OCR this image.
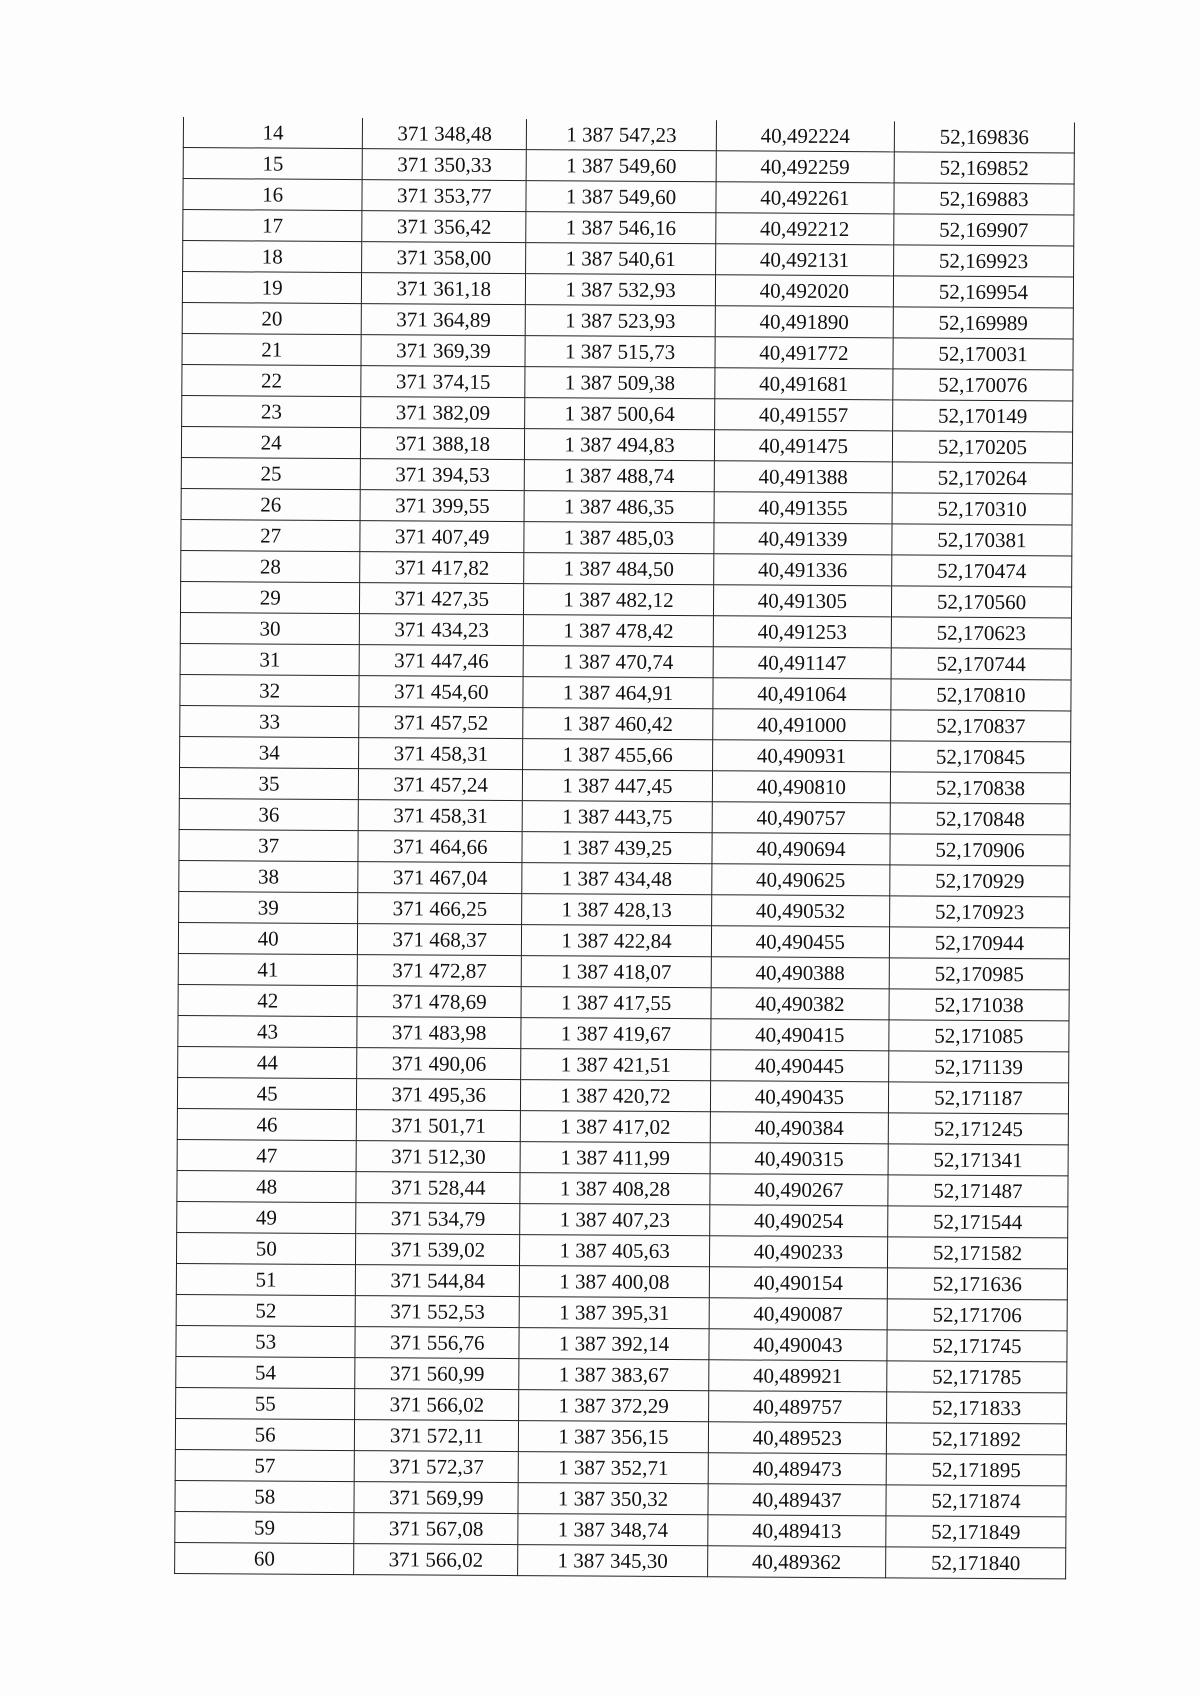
14	371 348,48	1 387 547,23	40,492224	52,169836
15	371 350,33	1 387 549,60	40,492259	52,169852
16	371 353,77	1 387 549,60	40,492261	52,169883
17	371 356,42	1 387 546,16	40,492212	52,169907
18	371 358,00	1 387 540,61	40,492131	52,169923
19	371 361,18	1 387 532,93	40,492020	52,169954
20	371 364,89	1 387 523,93	40,491890	52,169989
21	371 369,39	1 387 515,73	40,491772	52,170031
22	371 374,15	1 387 509,38	40,491681	52,170076
23	371 382,09	1 387 500,64	40,491557	52,170149
24	371 388,18	1 387 494,83	40,491475	52,170205
25	371 394,53	1 387 488,74	40,491388	52,170264
26	371 399,55	1 387 486,35	40,491355	52,170310
27	371 407,49	1 387 485,03	40,491339	52,170381
28	371 417,82	1 387 484,50	40,491336	52,170474
29	371 427,35	1 387 482,12	40,491305	52,170560
30	371 434,23	1 387 478,42	40,491253	52,170623
31	371 447,46	1 387 470,74	40,491147	52,170744
32	371 454,60	1 387 464,91	40,491064	52,170810
33	371 457,52	1 387 460,42	40,491000	52,170837
34	371 458,31	1 387 455,66	40,490931	52,170845
35	371 457,24	1 387 447,45	40,490810	52,170838
36	371 458,31	1 387 443,75	40,490757	52,170848
37	371 464,66	1 387 439,25	40,490694	52,170906
38	371 467,04	1 387 434,48	40,490625	52,170929
39	371 466,25	1 387 428,13	40,490532	52,170923
40	371 468,37	1 387 422,84	40,490455	52,170944
41	371 472,87	1 387 418,07	40,490388	52,170985
42	371 478,69	1 387 417,55	40,490382	52,171038
43	371 483,98	1 387 419,67	40,490415	52,171085
44	371 490,06	1 387 421,51	40,490445	52,171139
45	371 495,36	1 387 420,72	40,490435	52,171187
46	371 501,71	1 387 417,02	40,490384	52,171245
47	371 512,30	1 387 411,99	40,490315	52,171341
48	371 528,44	1 387 408,28	40,490267	52,171487
49	371 534,79	1 387 407,23	40,490254	52,171544
50	371 539,02	1 387 405,63	40,490233	52,171582
51	371 544,84	1 387 400,08	40,490154	52,171636
52	371 552,53	1 387 395,31	40,490087	52,171706
53	371 556,76	1 387 392,14	40,490043	52,171745
54	371 560,99	1 387 383,67	40,489921	52,171785
55	371 566,02	1 387 372,29	40,489757	52,171833
56	371 572,11	1 387 356,15	40,489523	52,171892
57	371 572,37	1 387 352,71	40,489473	52,171895
58	371 569,99	1 387 350,32	40,489437	52,171874
59	371 567,08	1 387 348,74	40,489413	52,171849
60	371 566,02	1 387 345,30	40,489362	52,171840
